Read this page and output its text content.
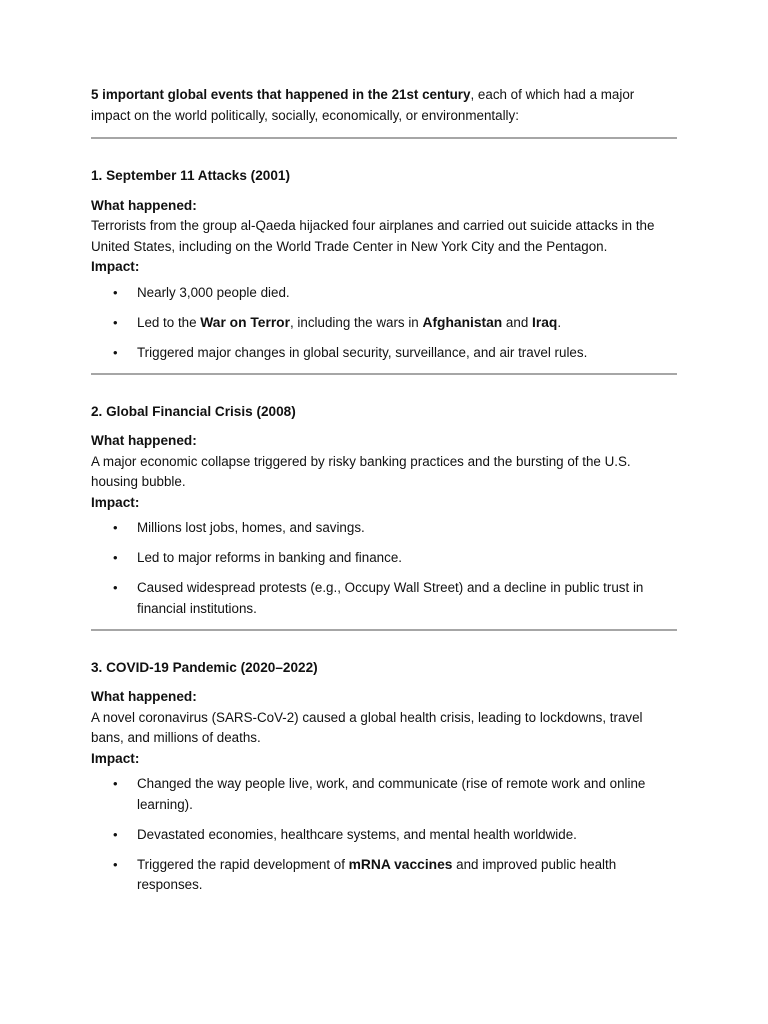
5 important global events that happened in the 21st century, each of which had a major impact on the world politically, socially, economically, or environmentally:

1. September 11 Attacks (2001)

What happened:

Terrorists from the group al-Qaeda hijacked four airplanes and carried out suicide attacks in the United States, including on the World Trade Center in New York City and the Pentagon.

Impact:

• Nearly 3,000 people died.
• Led to the War on Terror, including the wars in Afghanistan and Iraq.
• Triggered major changes in global security, surveillance, and air travel rules.

2. Global Financial Crisis (2008)

What happened:

A major economic collapse triggered by risky banking practices and the bursting of the U.S. housing bubble.

Impact:

• Millions lost jobs, homes, and savings.
• Led to major reforms in banking and finance.
• Caused widespread protests (e.g., Occupy Wall Street) and a decline in public trust in financial institutions.

3. COVID-19 Pandemic (2020–2022)

What happened:

A novel coronavirus (SARS-CoV-2) caused a global health crisis, leading to lockdowns, travel bans, and millions of deaths.

Impact:

• Changed the way people live, work, and communicate (rise of remote work and online learning).
• Devastated economies, healthcare systems, and mental health worldwide.
• Triggered the rapid development of mRNA vaccines and improved public health responses.
